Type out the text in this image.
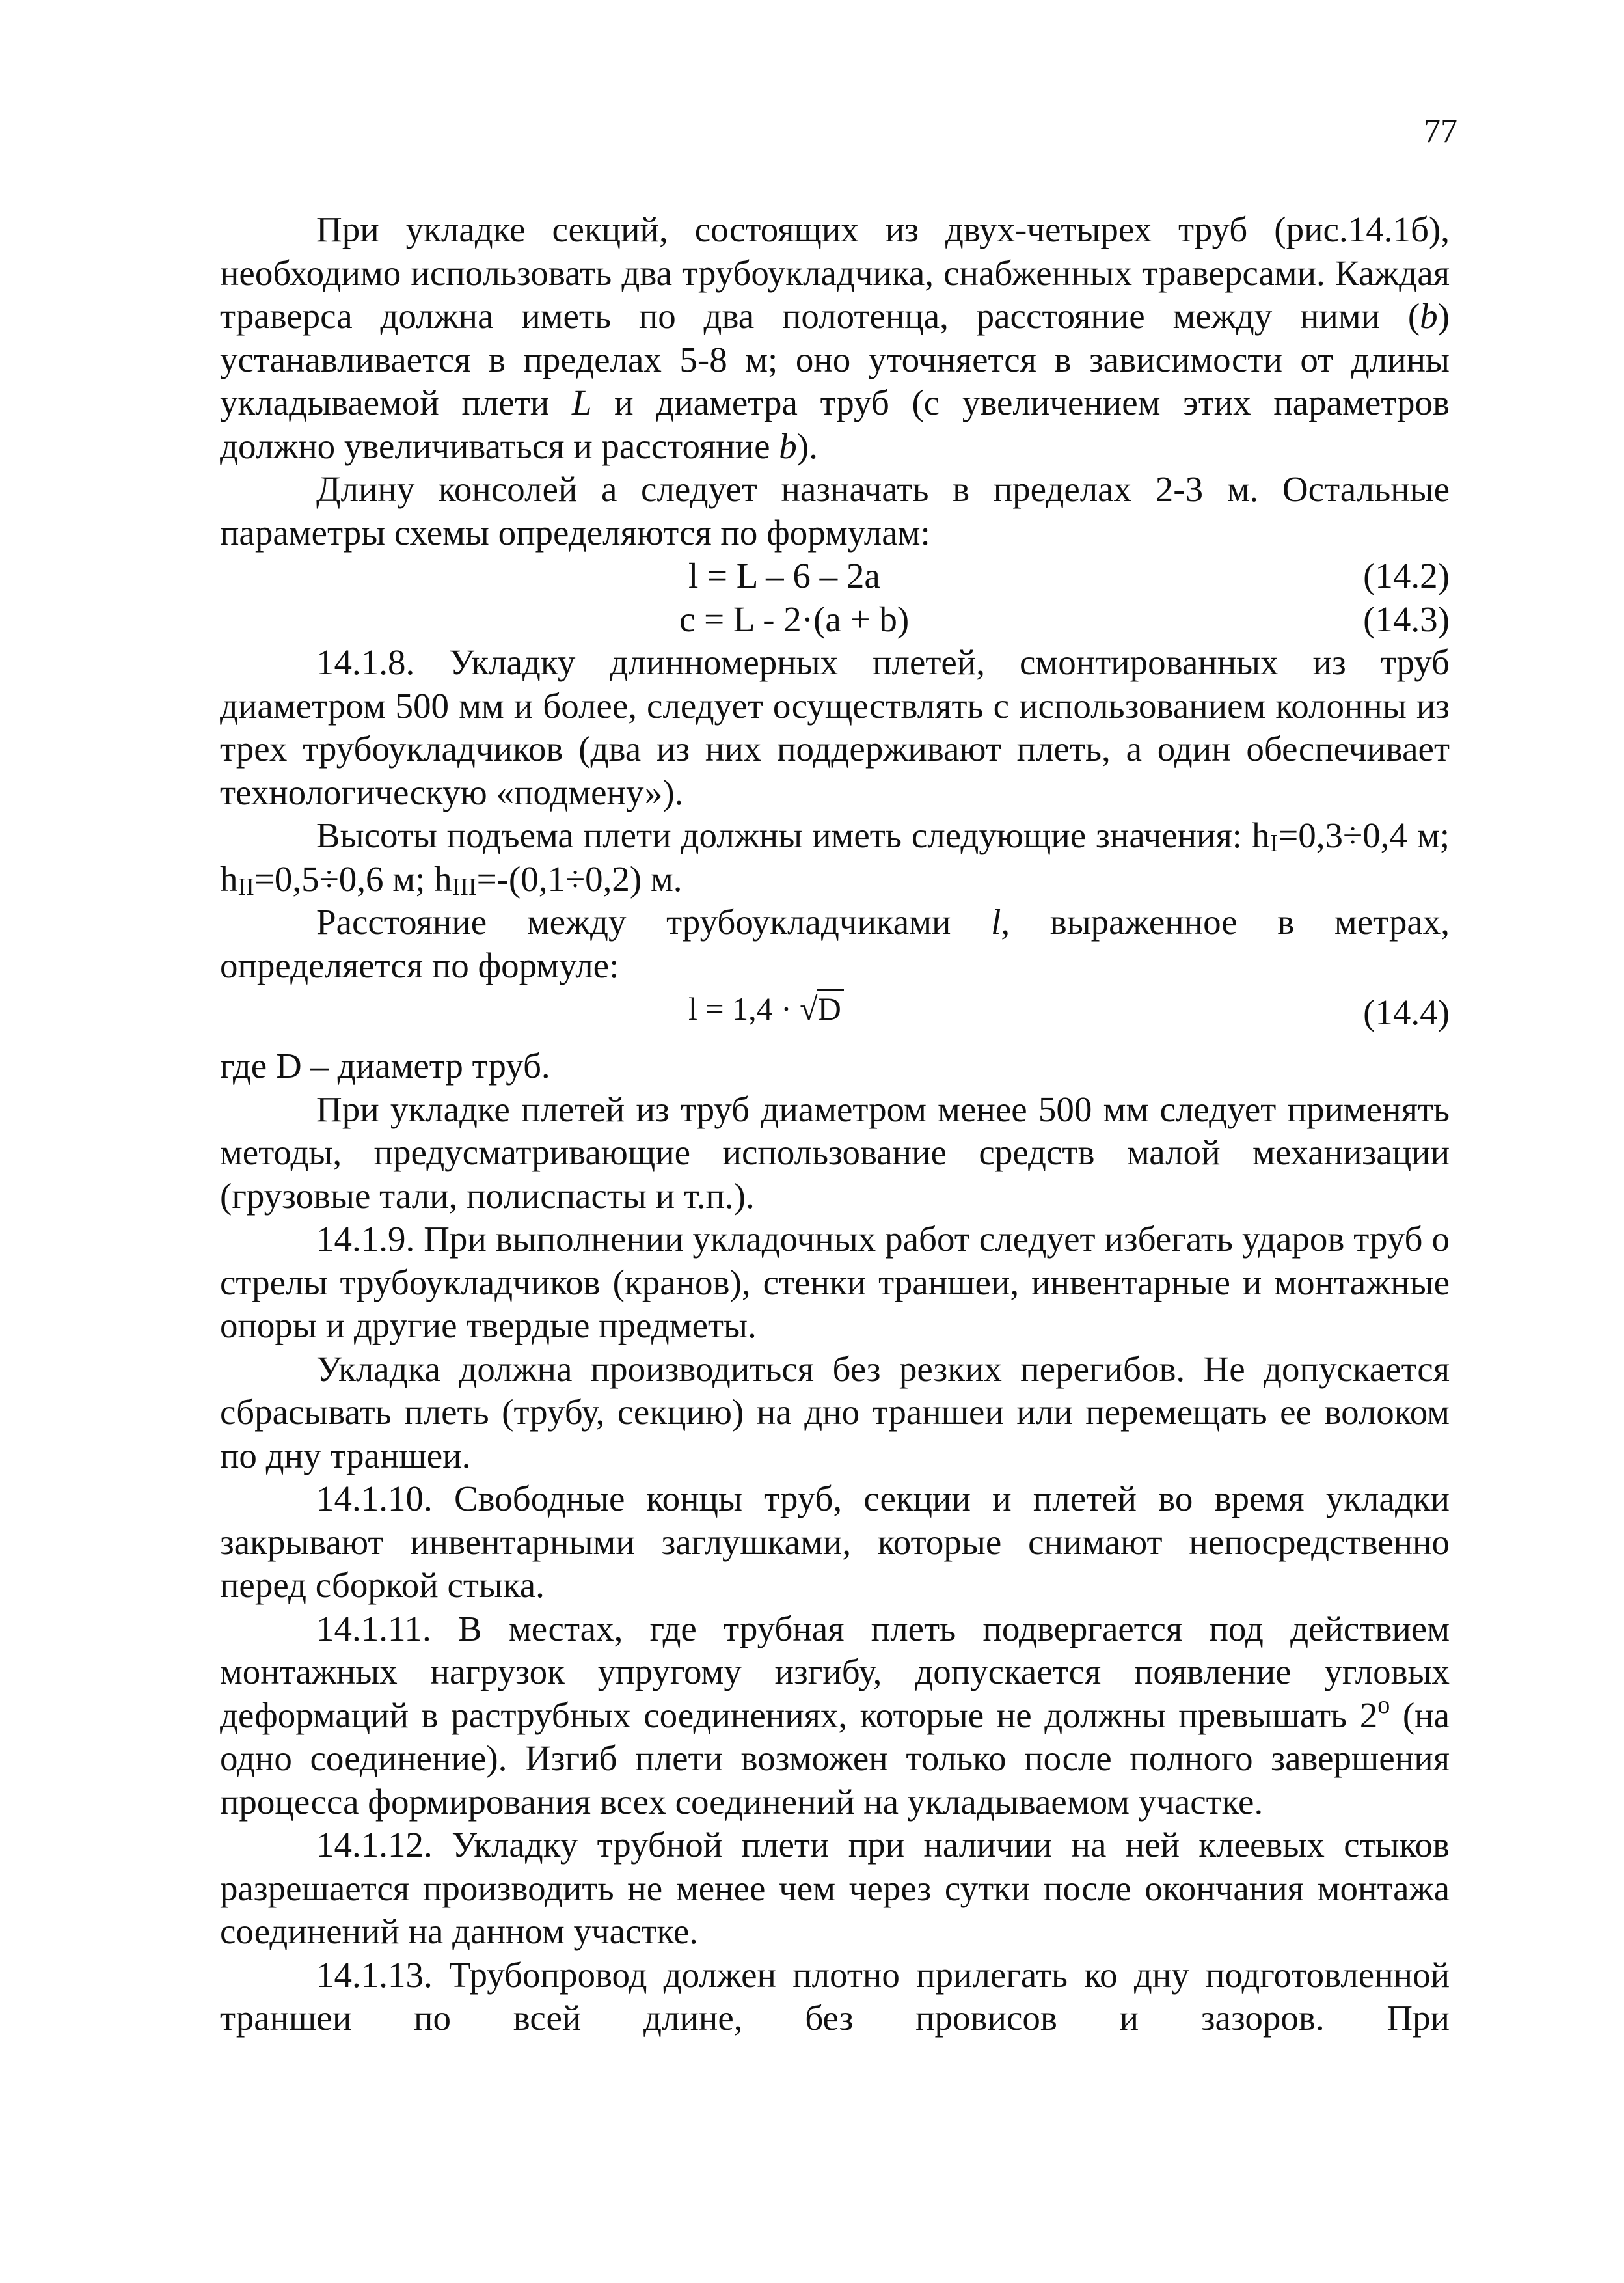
77

При укладке секций, состоящих из двух-четырех труб (рис.14.1б), необходимо использовать два трубоукладчика, снабженных траверсами. Каждая траверса должна иметь по два полотенца, расстояние между ними (b) устанавливается в пределах 5-8 м; оно уточняется в зависимости от длины укладываемой плети L и диаметра труб (с увеличением этих параметров должно увеличиваться и расстояние b).

Длину консолей а следует назначать в пределах 2-3 м. Остальные параметры схемы определяются по формулам:

l = L – 6 – 2a	(14.2)
c = L - 2·(a + b)	(14.3)

14.1.8. Укладку длинномерных плетей, смонтированных из труб диаметром 500 мм и более, следует осуществлять с использованием колонны из трех трубоукладчиков (два из них поддерживают плеть, а один обеспечивает технологическую «подмену»).

Высоты подъема плети должны иметь следующие значения: $h_I=0,3\div 0,4$ м; $h_{II}=0,5\div 0,6$ м; $h_{III}=-(0,1\div 0,2)$ м.

Расстояние между трубоукладчиками l, выраженное в метрах, определяется по формуле:

l = 1,4 · √D	(14.4)

где D – диаметр труб.

При укладке плетей из труб диаметром менее 500 мм следует применять методы, предусматривающие использование средств малой механизации (грузовые тали, полиспасты и т.п.).

14.1.9. При выполнении укладочных работ следует избегать ударов труб о стрелы трубоукладчиков (кранов), стенки траншеи, инвентарные и монтажные опоры и другие твердые предметы.

Укладка должна производиться без резких перегибов. Не допускается сбрасывать плеть (трубу, секцию) на дно траншеи или перемещать ее волоком по дну траншеи.

14.1.10. Свободные концы труб, секции и плетей во время укладки закрывают инвентарными заглушками, которые снимают непосредственно перед сборкой стыка.

14.1.11. В местах, где трубная плеть подвергается под действием монтажных нагрузок упругому изгибу, допускается появление угловых деформаций в раструбных соединениях, которые не должны превышать 2$^o$ (на одно соединение). Изгиб плети возможен только после полного завершения процесса формирования всех соединений на укладываемом участке.

14.1.12. Укладку трубной плети при наличии на ней клеевых стыков разрешается производить не менее чем через сутки после окончания монтажа соединений на данном участке.

14.1.13. Трубопровод должен плотно прилегать ко дну подготовленной траншеи по всей длине, без провисов и зазоров. При
